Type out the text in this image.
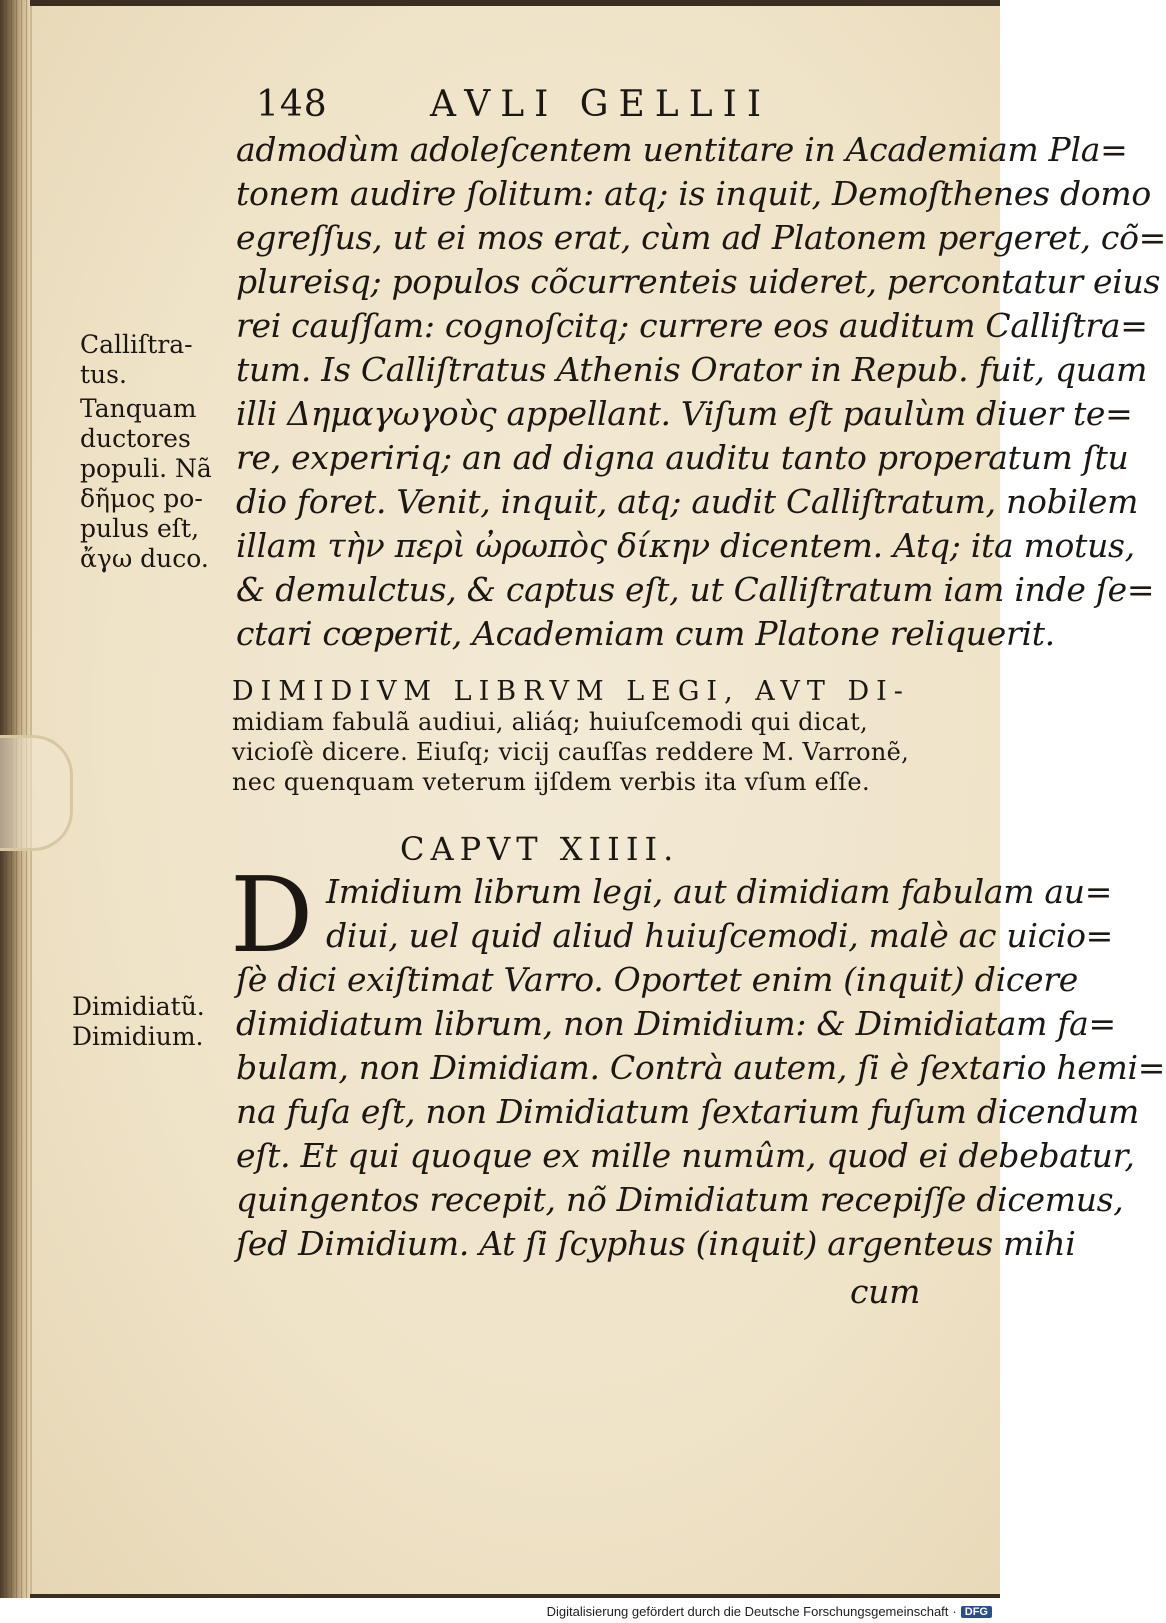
148	AVLI GELLII
admodùm adoleſcentem uentitare in Academiam Pla=
tonem audire ſolitum: atq; is inquit, Demoſthenes domo
egreſſus, ut ei mos erat, cùm ad Platonem pergeret, cõ=
plureisq; populos cõcurrenteis uideret, percontatur eius
rei cauſſam: cognoſcitq; currere eos auditum Calliſtra=
tum. Is Calliſtratus Athenis Orator in Repub. fuit, quam
illi Δημαγωγοὺς appellant. Viſum eſt paulùm diuer te=
re, expeririq; an ad digna auditu tanto properatum ſtu
dio foret. Venit, inquit, atq; audit Calliſtratum, nobilem
illam τὴν περὶ ὠρωπὸς δίκην dicentem. Atq; ita motus,
& demulctus, & captus eſt, ut Calliſtratum iam inde ſe=
ctari cœperit, Academiam cum Platone reliquerit.
Calliſtra-
tus.
Tanquam
ductores
populi. Nã
δῆμος po-
pulus eſt,
ἄγω duco.
DIMIDIVM LIBRVM LEGI, AVT DI-
midiam fabulã audiui, aliáq; huiuſcemodi qui dicat,
vicioſè dicere. Eiuſq; vicij cauſſas reddere M. Varronẽ,
nec quenquam veterum ijſdem verbis ita vſum eſſe.
CAPVT XIIII.
D Imidium librum legi, aut dimidiam fabulam au=
diui, uel quid aliud huiuſcemodi, malè ac uicio=
ſè dici exiſtimat Varro. Oportet enim (inquit) dicere
dimidiatum librum, non Dimidium: & Dimidiatam fa=
bulam, non Dimidiam. Contrà autem, ſi è ſextario hemi=
na fuſa eſt, non Dimidiatum ſextarium fuſum dicendum
eſt. Et qui quoque ex mille numûm, quod ei debebatur,
quingentos recepit, nõ Dimidiatum recepiſſe dicemus,
ſed Dimidium. At ſi ſcyphus (inquit) argenteus mihi
cum
Dimidiatũ.
Dimidium.
Digitalisierung gefördert durch die Deutsche Forschungsgemeinschaft · DFG
